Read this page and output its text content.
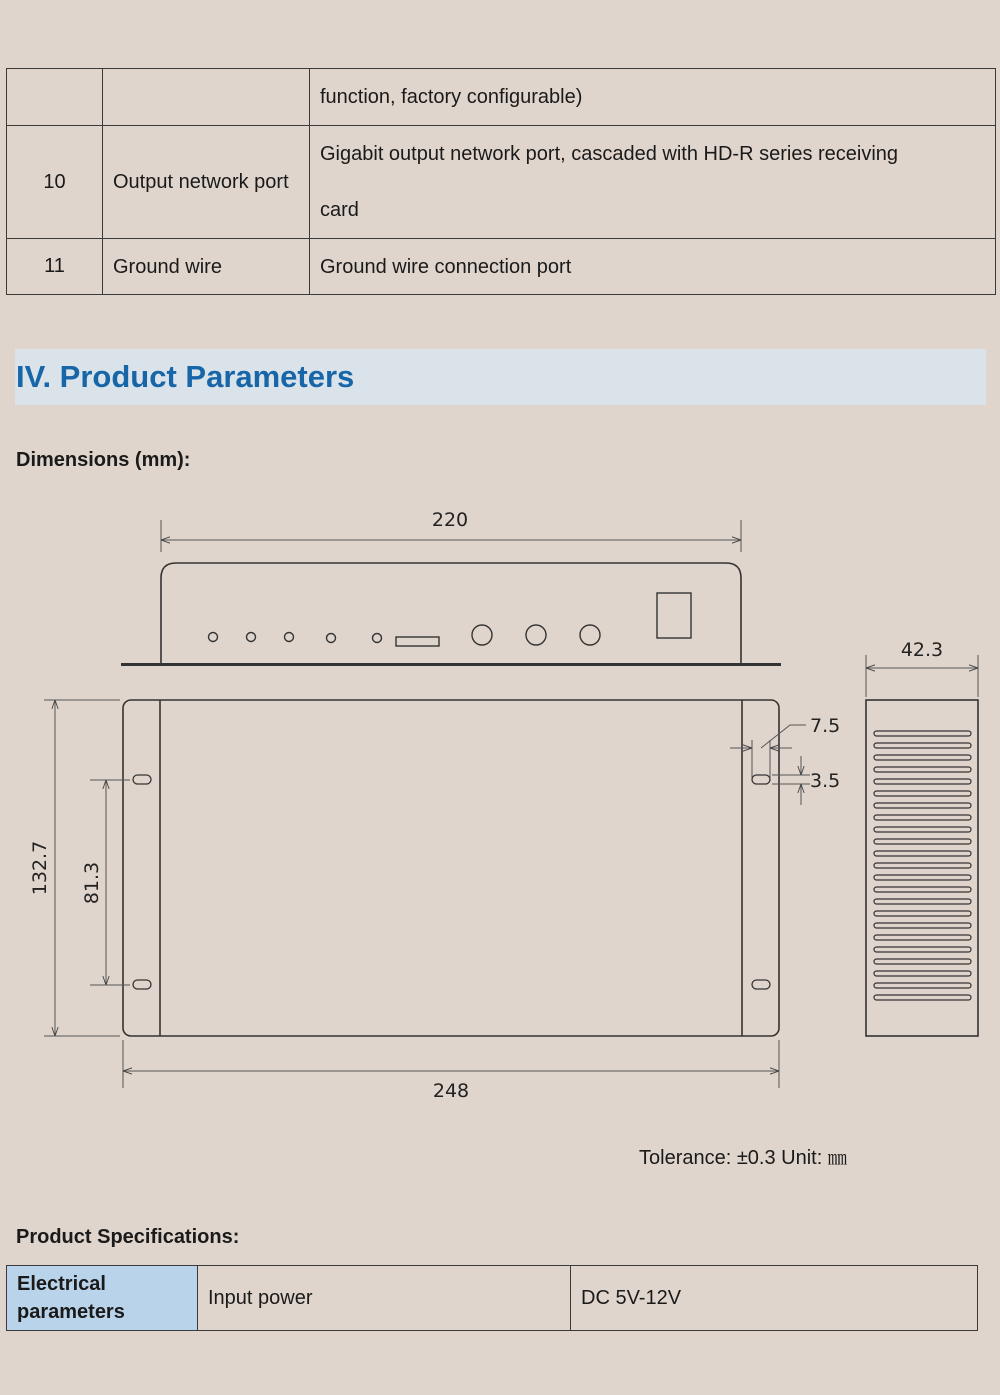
		function, factory configurable)
10	Output network port	Gigabit output network port, cascaded with HD-R series receiving
card

11	Ground wire	Ground wire connection port
IV. Product Parameters
Dimensions (mm):
220
248
42.3
7.5
3.5
132.7 81.3
Tolerance: ±0.3 Unit: ㎜
Product Specifications:
Electrical parameters	Input power	DC 5V-12V
